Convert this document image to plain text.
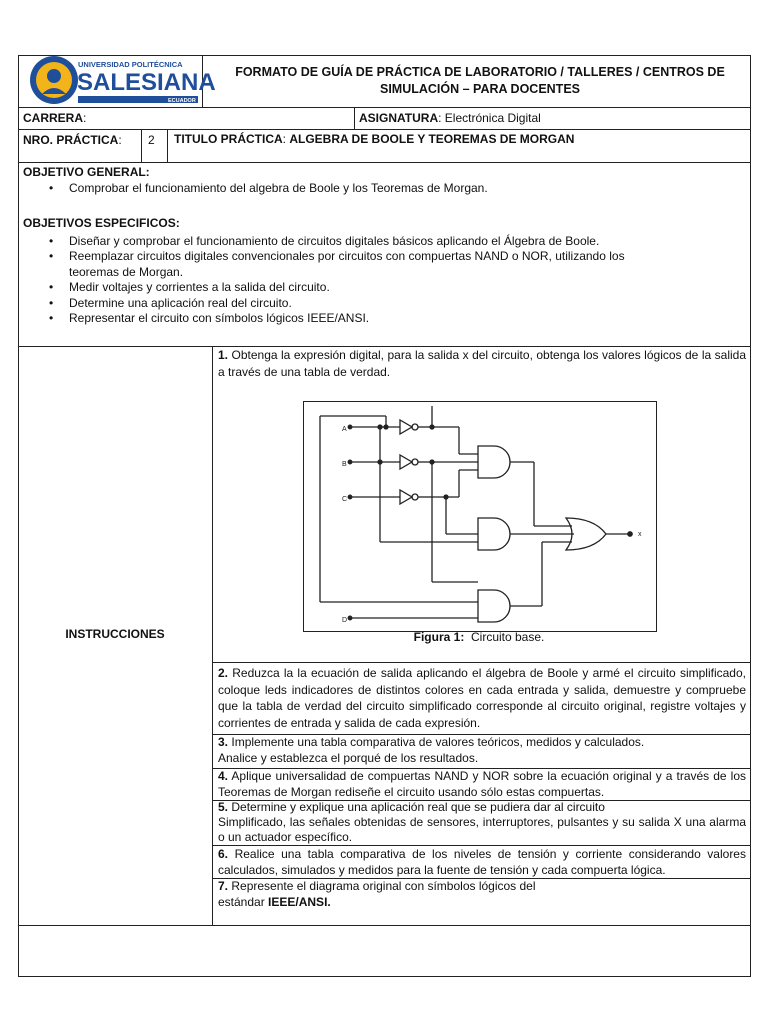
UNIVERSIDAD POLITÉCNICA
SALESIANA
ECUADOR
FORMATO DE GUÍA DE PRÁCTICA DE LABORATORIO / TALLERES / CENTROS DE
SIMULACIÓN – PARA DOCENTES
CARRERA:	ASIGNATURA: Electrónica Digital
NRO. PRÁCTICA: 2 TITULO PRÁCTICA: ALGEBRA DE BOOLE Y TEOREMAS DE MORGAN
OBJETIVO GENERAL:
• Comprobar el funcionamiento del algebra de Boole y los Teoremas de Morgan.
OBJETIVOS ESPECIFICOS:
• Diseñar y comprobar el funcionamiento de circuitos digitales básicos aplicando el Álgebra de Boole.
• Reemplazar circuitos digitales convencionales por circuitos con compuertas NAND o NOR, utilizando los teoremas de Morgan.
• Medir voltajes y corrientes a la salida del circuito.
• Determine una aplicación real del circuito.
• Representar el circuito con símbolos lógicos IEEE/ANSI.
INSTRUCCIONES
1. Obtenga la expresión digital, para la salida x del circuito, obtenga los valores lógicos de la salida a través de una tabla de verdad.
A
B
C
D
x
Figura 1: Circuito base.
2. Reduzca la la ecuación de salida aplicando el álgebra de Boole y armé el circuito simplificado, coloque leds indicadores de distintos colores en cada entrada y salida, demuestre y compruebe que la tabla de verdad del circuito simplificado corresponde al circuito original, registre voltajes y corrientes de entrada y salida de cada expresión.
3. Implemente una tabla comparativa de valores teóricos, medidos y calculados.
Analice y establezca el porqué de los resultados.
4. Aplique universalidad de compuertas NAND y NOR sobre la ecuación original y a través de los Teoremas de Morgan rediseñe el circuito usando sólo estas compuertas.
5. Determine y explique una aplicación real que se pudiera dar al circuito
Simplificado, las señales obtenidas de sensores, interruptores, pulsantes y su salida X una alarma o un actuador específico.
6. Realice una tabla comparativa de los niveles de tensión y corriente considerando valores calculados, simulados y medidos para la fuente de tensión y cada compuerta lógica.
7. Represente el diagrama original con símbolos lógicos del
estándar IEEE/ANSI.
